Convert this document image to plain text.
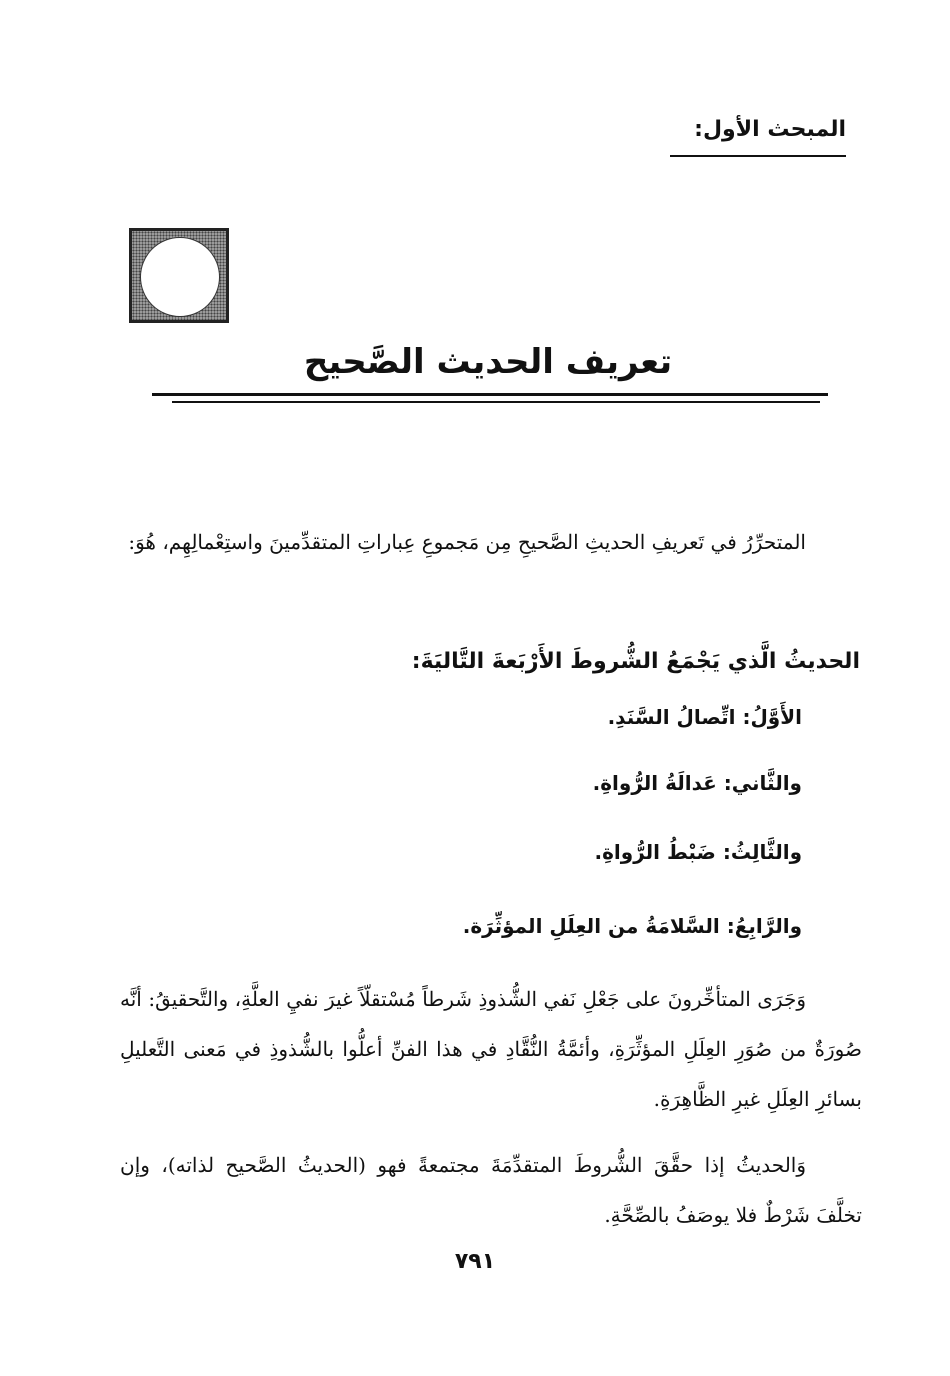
المبحث الأول:
تعريف الحديث الصَّحيح
المتحرِّرُ في تَعريفِ الحديثِ الصَّحيحِ مِن مَجموعِ عِباراتِ المتقدِّمينَ واستِعْمالِهِم، هُوَ:
الحديثُ الَّذي يَجْمَعُ الشُّروطَ الأَرْبَعةَ التَّاليَةَ:
الأَوَّلُ: اتِّصالُ السَّنَدِ.
والثَّاني: عَدالَةُ الرُّواةِ.
والثَّالِثُ: ضَبْطُ الرُّواةِ.
والرَّابِعُ: السَّلامَةُ من العِلَلِ المؤثِّرَة.
وَجَرَى المتأخِّرونَ على جَعْلِ نَفي الشُّذوذِ شَرطاً مُسْتقلّاً غيرَ نفيِ العلَّةِ، والتَّحقيقُ: أنَّه صُورَةٌ من صُوَرِ العِلَلِ المؤثِّرَةِ، وأئمَّةُ النُّقَّادِ في هذا الفنِّ أعلُّوا بالشُّذوذِ في مَعنى التَّعليلِ بسائرِ العِلَلِ غيرِ الظَّاهِرَةِ.
وَالحديثُ إذا حقَّقَ الشُّروطَ المتقدِّمَةَ مجتمعةً فهو (الحديثُ الصَّحيح لذاته)، وإن تخلَّفَ شَرْطٌ فلا يوصَفُ بالصِّحَّةِ.
٧٩١
